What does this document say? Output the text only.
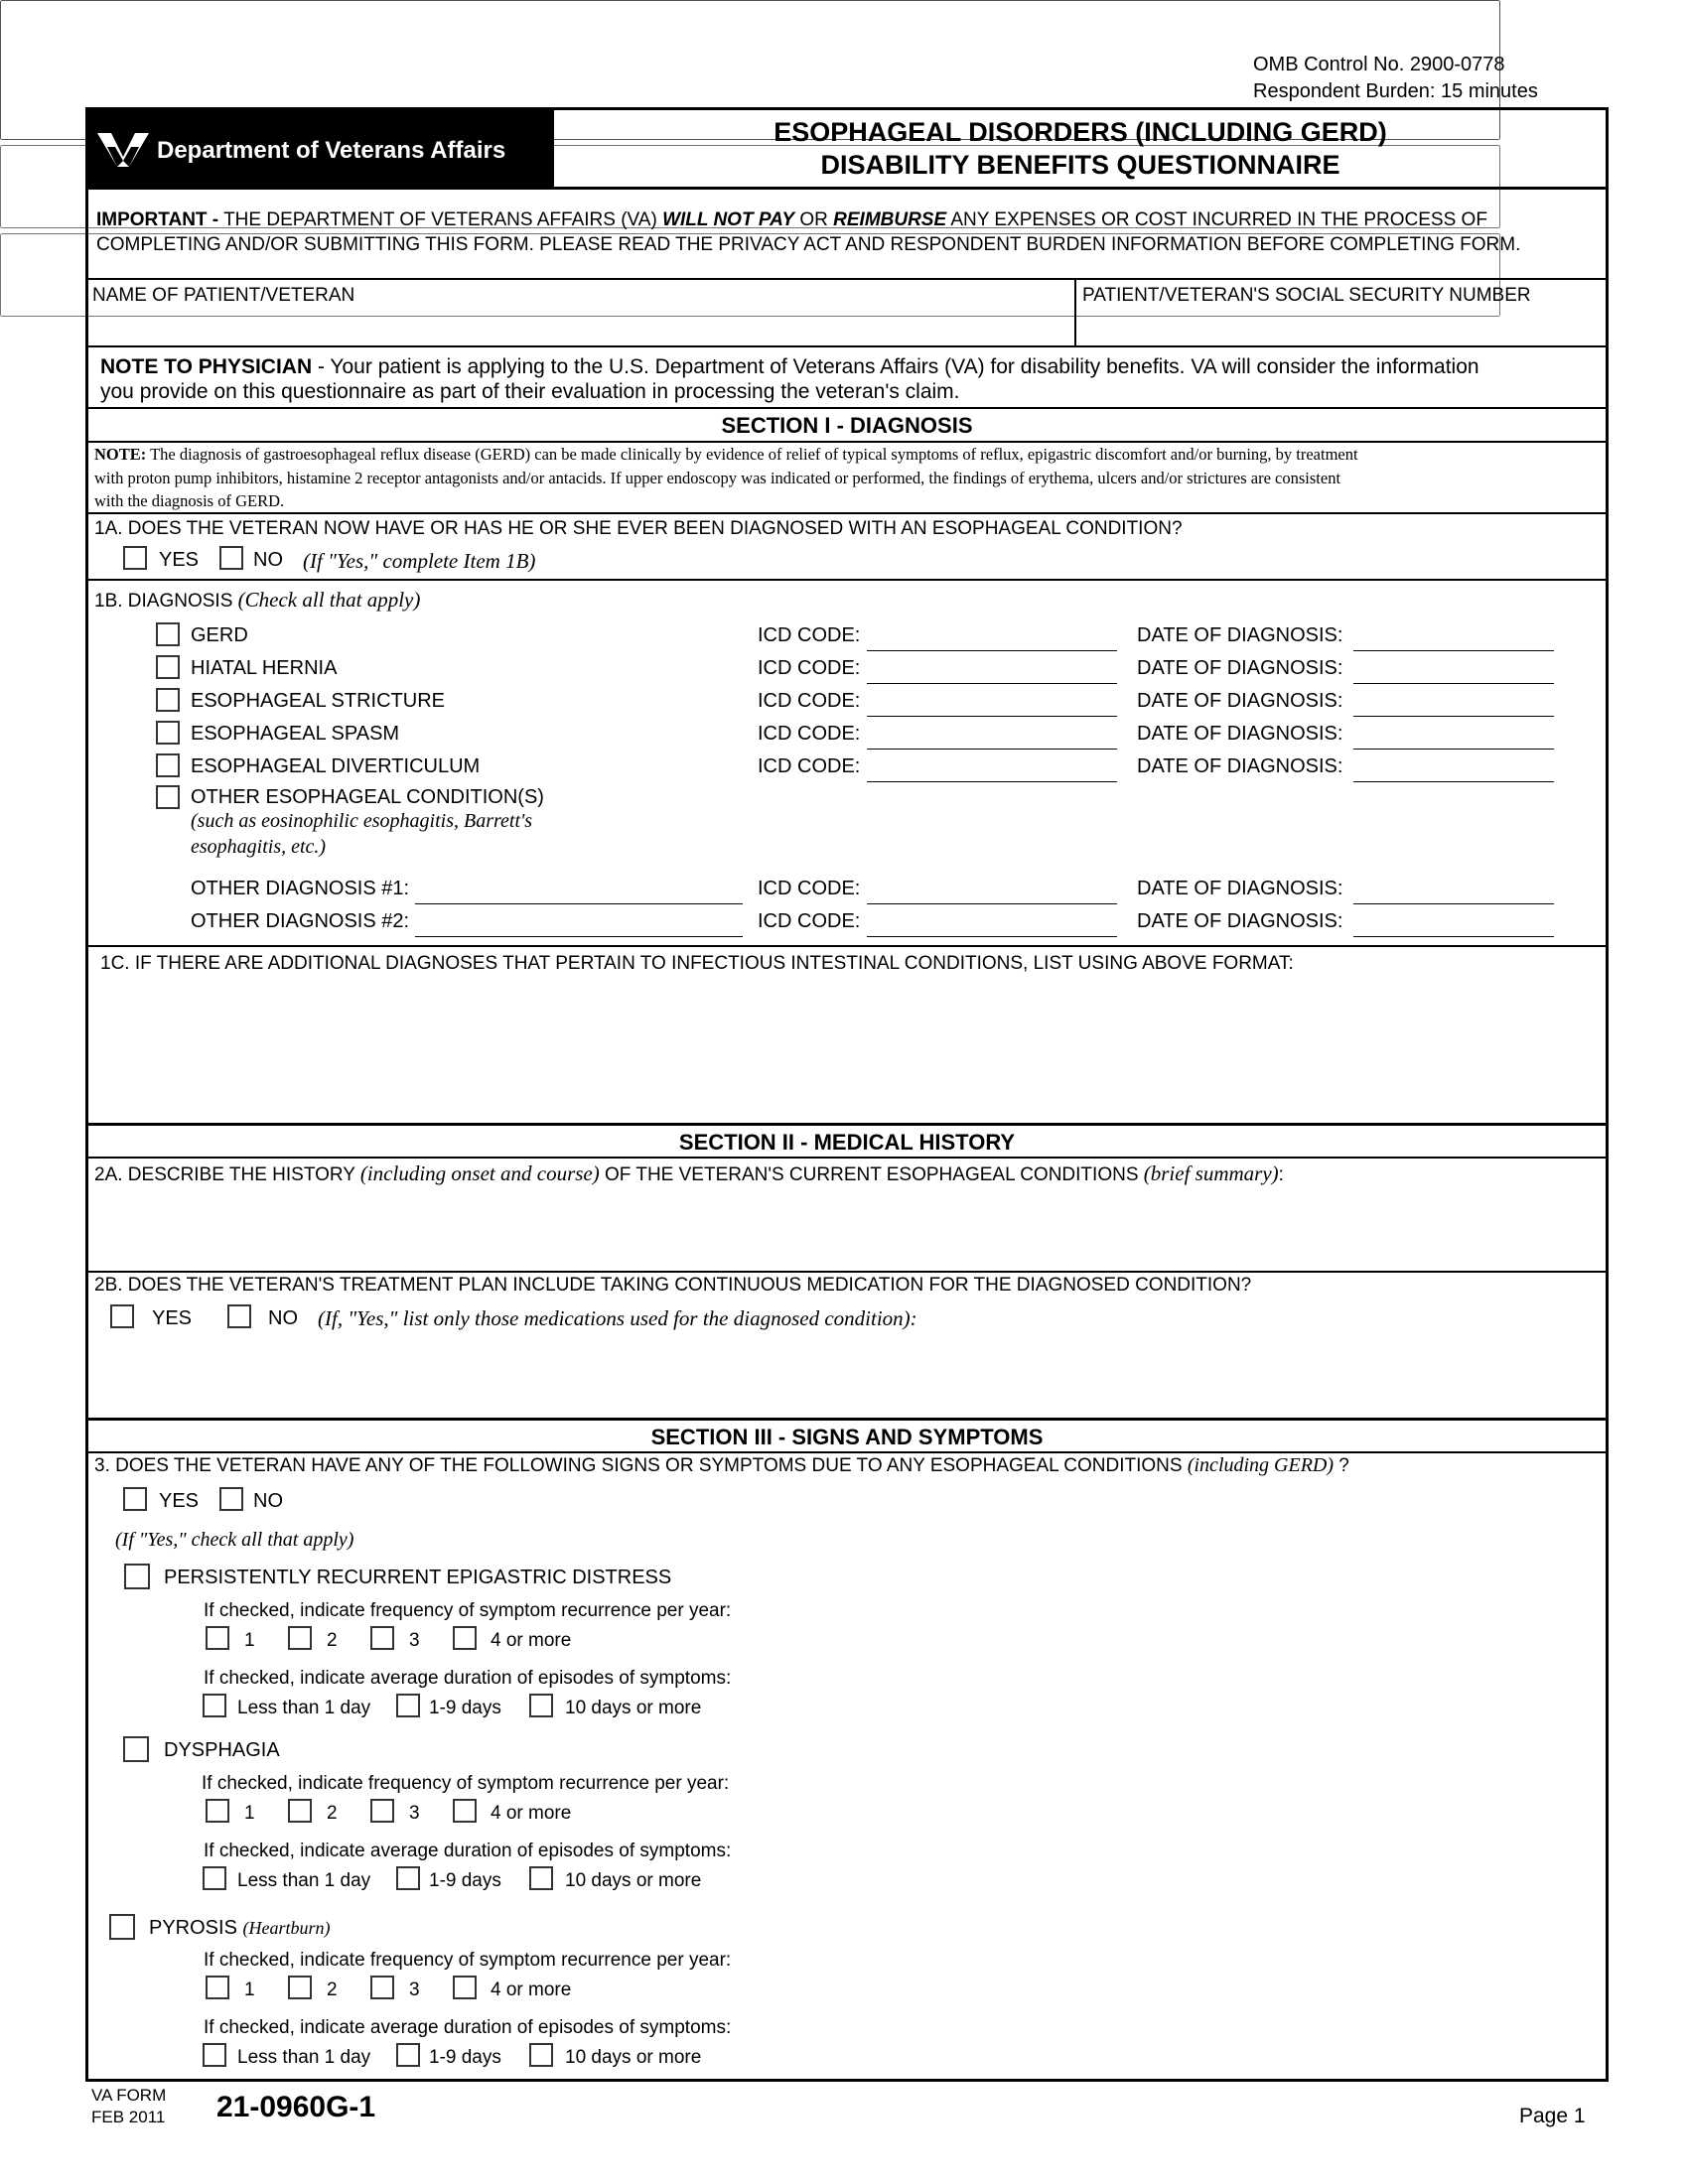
OMB Control No. 2900-0778
Respondent Burden: 15 minutes
Department of Veterans Affairs
ESOPHAGEAL DISORDERS (INCLUDING GERD)
DISABILITY BENEFITS QUESTIONNAIRE
IMPORTANT - THE DEPARTMENT OF VETERANS AFFAIRS (VA) WILL NOT PAY OR REIMBURSE ANY EXPENSES OR COST INCURRED IN THE PROCESS OF
COMPLETING AND/OR SUBMITTING THIS FORM. PLEASE READ THE PRIVACY ACT AND RESPONDENT BURDEN INFORMATION BEFORE COMPLETING FORM.
NAME OF PATIENT/VETERAN	PATIENT/VETERAN'S SOCIAL SECURITY NUMBER
NOTE TO PHYSICIAN - Your patient is applying to the U.S. Department of Veterans Affairs (VA) for disability benefits. VA will consider the information
you provide on this questionnaire as part of their evaluation in processing the veteran's claim.
SECTION I - DIAGNOSIS
NOTE: The diagnosis of gastroesophageal reflux disease (GERD) can be made clinically by evidence of relief of typical symptoms of reflux, epigastric discomfort and/or burning, by treatment
with proton pump inhibitors, histamine 2 receptor antagonists and/or antacids. If upper endoscopy was indicated or performed, the findings of erythema, ulcers and/or strictures are consistent
with the diagnosis of GERD.
1A. DOES THE VETERAN NOW HAVE OR HAS HE OR SHE EVER BEEN DIAGNOSED WITH AN ESOPHAGEAL CONDITION?
YES	NO (If "Yes," complete Item 1B)
1B. DIAGNOSIS (Check all that apply)
GERD	ICD CODE:	DATE OF DIAGNOSIS:
HIATAL HERNIA	ICD CODE:	DATE OF DIAGNOSIS:
ESOPHAGEAL STRICTURE	ICD CODE:	DATE OF DIAGNOSIS:
ESOPHAGEAL SPASM	ICD CODE:	DATE OF DIAGNOSIS:
ESOPHAGEAL DIVERTICULUM	ICD CODE:	DATE OF DIAGNOSIS:
OTHER ESOPHAGEAL CONDITION(S)
(such as eosinophilic esophagitis, Barrett's
esophagitis, etc.)
OTHER DIAGNOSIS #1:	ICD CODE:	DATE OF DIAGNOSIS:
OTHER DIAGNOSIS #2:	ICD CODE:	DATE OF DIAGNOSIS:
1C. IF THERE ARE ADDITIONAL DIAGNOSES THAT PERTAIN TO INFECTIOUS INTESTINAL CONDITIONS, LIST USING ABOVE FORMAT:

SECTION II - MEDICAL HISTORY
2A. DESCRIBE THE HISTORY (including onset and course) OF THE VETERAN'S CURRENT ESOPHAGEAL CONDITIONS (brief summary):

2B. DOES THE VETERAN'S TREATMENT PLAN INCLUDE TAKING CONTINUOUS MEDICATION FOR THE DIAGNOSED CONDITION?
YES	NO (If, "Yes," list only those medications used for the diagnosed condition):
SECTION III - SIGNS AND SYMPTOMS
3. DOES THE VETERAN HAVE ANY OF THE FOLLOWING SIGNS OR SYMPTOMS DUE TO ANY ESOPHAGEAL CONDITIONS (including GERD) ?
YES	NO
(If "Yes," check all that apply)
PERSISTENTLY RECURRENT EPIGASTRIC DISTRESS
If checked, indicate frequency of symptom recurrence per year:
1	2	3	4 or more
If checked, indicate average duration of episodes of symptoms:
Less than 1 day	1-9 days	10 days or more
DYSPHAGIA
If checked, indicate frequency of symptom recurrence per year:
1	2	3	4 or more
If checked, indicate average duration of episodes of symptoms:
Less than 1 day	1-9 days	10 days or more
PYROSIS (Heartburn)
If checked, indicate frequency of symptom recurrence per year:
1	2	3	4 or more
If checked, indicate average duration of episodes of symptoms:
Less than 1 day	1-9 days	10 days or more
VA FORM
FEB 2011 21-0960G-1	Page 1
